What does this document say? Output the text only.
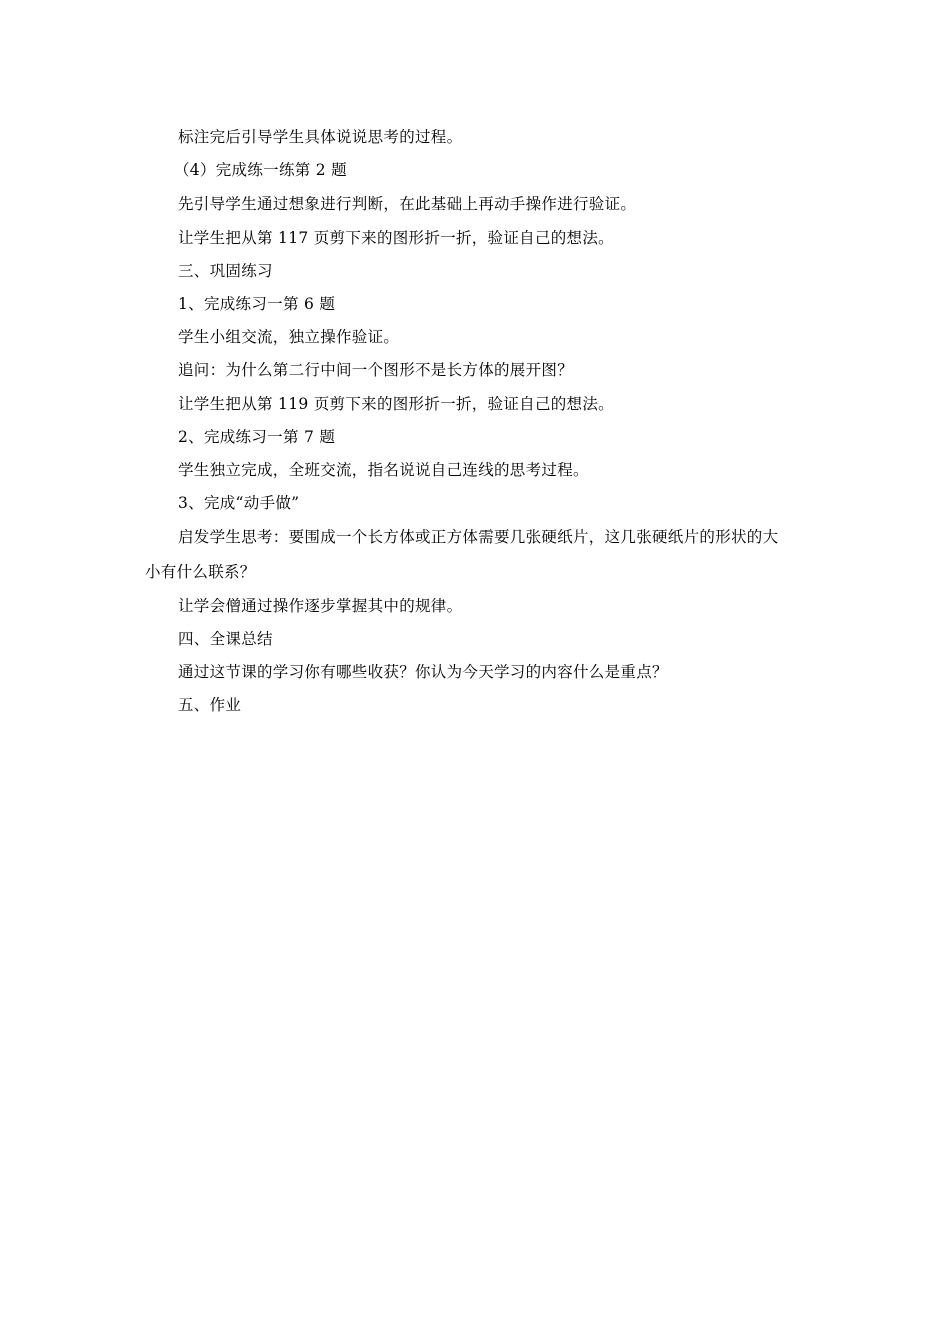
标注完后引导学生具体说说思考的过程。
（4）完成练一练第 2 题
先引导学生通过想象进行判断，在此基础上再动手操作进行验证。
让学生把从第 117 页剪下来的图形折一折，验证自己的想法。
三、巩固练习
1、完成练习一第 6 题
学生小组交流，独立操作验证。
追问：为什么第二行中间一个图形不是长方体的展开图？
让学生把从第 119 页剪下来的图形折一折，验证自己的想法。
2、完成练习一第 7 题
学生独立完成，全班交流，指名说说自己连线的思考过程。
3、完成“动手做”
启发学生思考：要围成一个长方体或正方体需要几张硬纸片，这几张硬纸片的形状的大
小有什么联系？
让学会僧通过操作逐步掌握其中的规律。
四、全课总结
通过这节课的学习你有哪些收获？你认为今天学习的内容什么是重点？
五、作业
